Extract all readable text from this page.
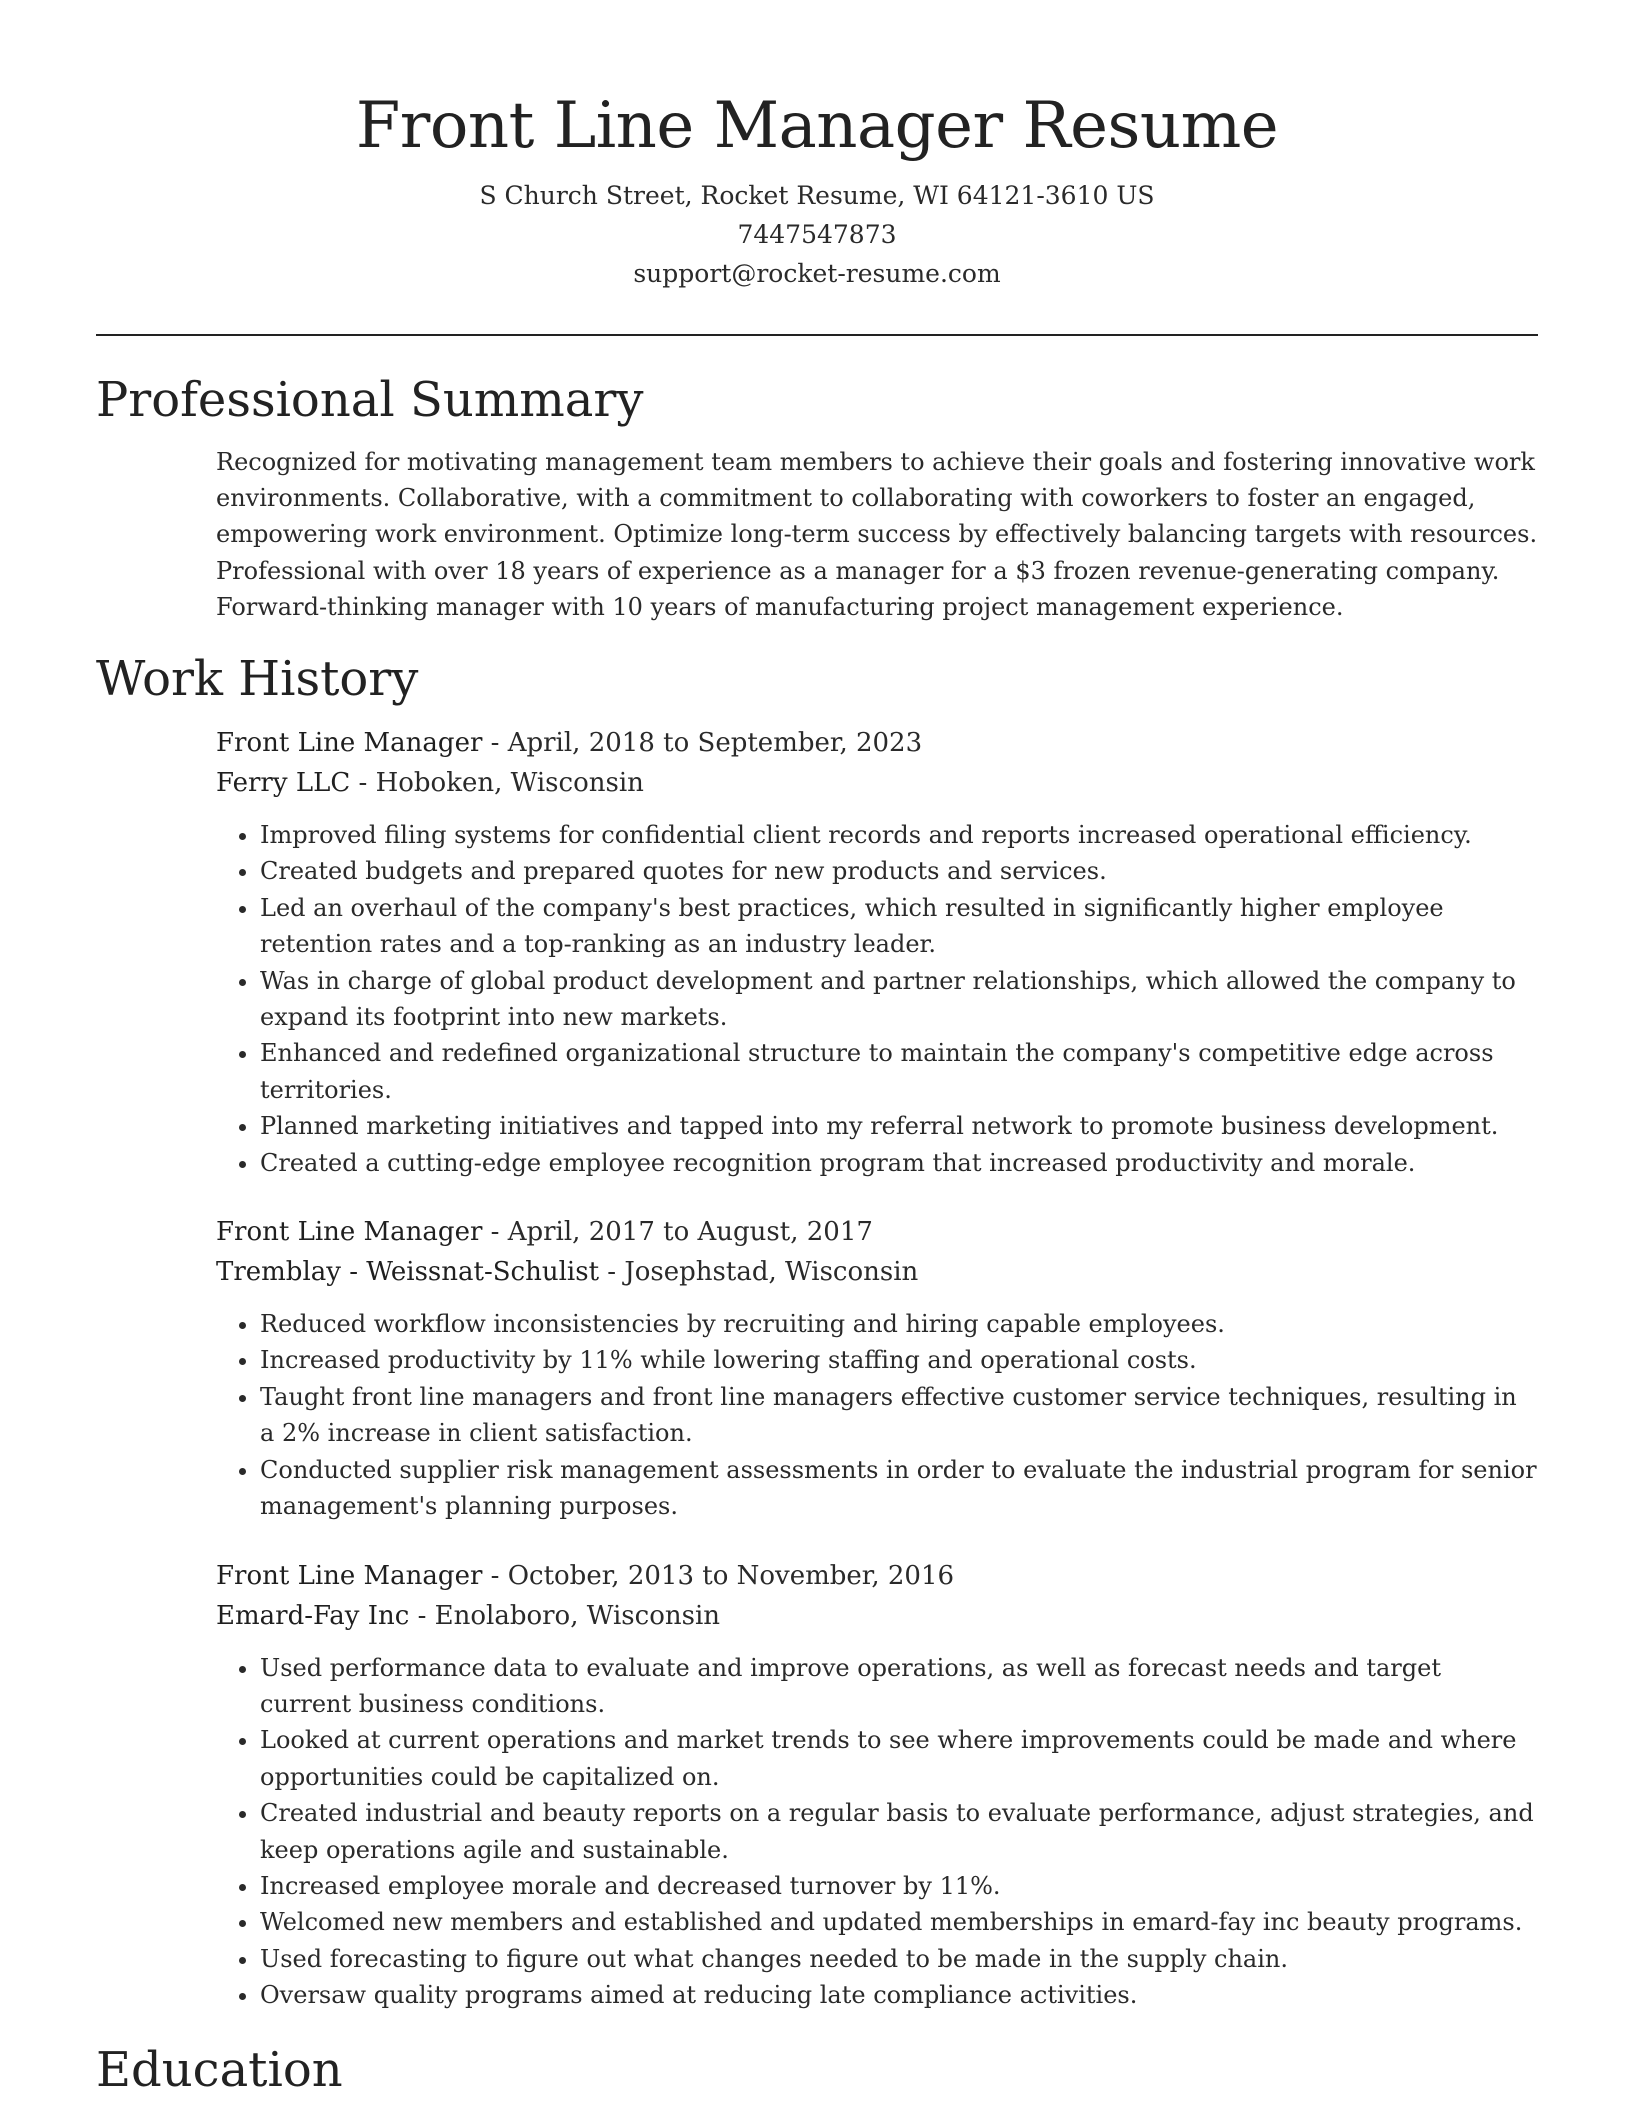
Front Line Manager Resume
S Church Street, Rocket Resume, WI 64121-3610 US
7447547873
support@rocket-resume.com
Professional Summary

Recognized for motivating management team members to achieve their goals and fostering innovative work environments. Collaborative, with a commitment to collaborating with coworkers to foster an engaged, empowering work environment. Optimize long-term success by effectively balancing targets with resources. Professional with over 18 years of experience as a manager for a $3 frozen revenue-generating company. Forward-thinking manager with 10 years of manufacturing project management experience.

Work History
Front Line Manager - April, 2018 to September, 2023
Ferry LLC - Hoboken, Wisconsin
• Improved filing systems for confidential client records and reports increased operational efficiency.
• Created budgets and prepared quotes for new products and services.
• Led an overhaul of the company's best practices, which resulted in significantly higher employee retention rates and a top-ranking as an industry leader.
• Was in charge of global product development and partner relationships, which allowed the company to expand its footprint into new markets.
• Enhanced and redefined organizational structure to maintain the company's competitive edge across territories.
• Planned marketing initiatives and tapped into my referral network to promote business development.
• Created a cutting-edge employee recognition program that increased productivity and morale.
Front Line Manager - April, 2017 to August, 2017
Tremblay - Weissnat-Schulist - Josephstad, Wisconsin
• Reduced workflow inconsistencies by recruiting and hiring capable employees.
• Increased productivity by 11% while lowering staffing and operational costs.
• Taught front line managers and front line managers effective customer service techniques, resulting in a 2% increase in client satisfaction.
• Conducted supplier risk management assessments in order to evaluate the industrial program for senior management's planning purposes.
Front Line Manager - October, 2013 to November, 2016
Emard-Fay Inc - Enolaboro, Wisconsin
• Used performance data to evaluate and improve operations, as well as forecast needs and target current business conditions.
• Looked at current operations and market trends to see where improvements could be made and where opportunities could be capitalized on.
• Created industrial and beauty reports on a regular basis to evaluate performance, adjust strategies, and keep operations agile and sustainable.
• Increased employee morale and decreased turnover by 11%.
• Welcomed new members and established and updated memberships in emard-fay inc beauty programs.
• Used forecasting to figure out what changes needed to be made in the supply chain.
• Oversaw quality programs aimed at reducing late compliance activities.
Education
